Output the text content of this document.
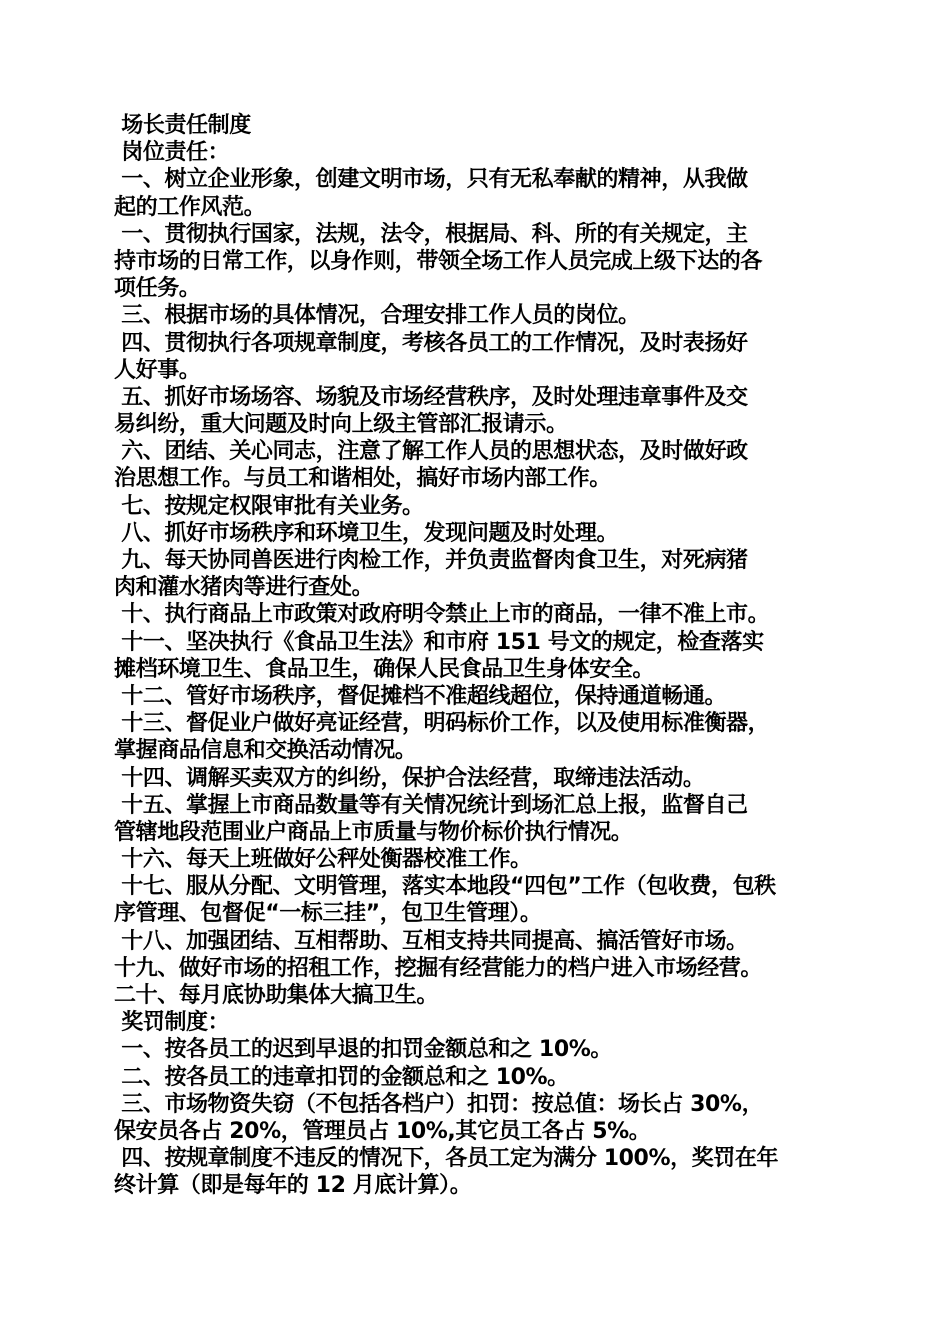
场长责任制度
岗位责任：
一、树立企业形象，创建文明市场，只有无私奉献的精神，从我做
起的工作风范。
一、贯彻执行国家，法规，法令，根据局、科、所的有关规定，主
持市场的日常工作，以身作则，带领全场工作人员完成上级下达的各
项任务。
三、根据市场的具体情况，合理安排工作人员的岗位。
四、贯彻执行各项规章制度，考核各员工的工作情况，及时表扬好
人好事。
五、抓好市场场容、场貌及市场经营秩序，及时处理违章事件及交
易纠纷，重大问题及时向上级主管部汇报请示。
六、团结、关心同志，注意了解工作人员的思想状态，及时做好政
治思想工作。与员工和谐相处，搞好市场内部工作。
七、按规定权限审批有关业务。
八、抓好市场秩序和环境卫生，发现问题及时处理。
九、每天协同兽医进行肉检工作，并负责监督肉食卫生，对死病猪
肉和灌水猪肉等进行查处。
十、执行商品上市政策对政府明令禁止上市的商品，一律不准上市。
十一、坚决执行《食品卫生法》和市府 151 号文的规定，检查落实
摊档环境卫生、食品卫生，确保人民食品卫生身体安全。
十二、管好市场秩序，督促摊档不准超线超位，保持通道畅通。
十三、督促业户做好亮证经营，明码标价工作，以及使用标准衡器，
掌握商品信息和交换活动情况。
十四、调解买卖双方的纠纷，保护合法经营，取缔违法活动。
十五、掌握上市商品数量等有关情况统计到场汇总上报，监督自己
管辖地段范围业户商品上市质量与物价标价执行情况。
十六、每天上班做好公秤处衡器校准工作。
十七、服从分配、文明管理，落实本地段“四包”工作（包收费，包秩
序管理、包督促“一标三挂”，包卫生管理）。
十八、加强团结、互相帮助、互相支持共同提高、搞活管好市场。
十九、做好市场的招租工作，挖掘有经营能力的档户进入市场经营。
二十、每月底协助集体大搞卫生。
奖罚制度：
一、按各员工的迟到早退的扣罚金额总和之 10%。
二、按各员工的违章扣罚的金额总和之 10%。
三、市场物资失窃（不包括各档户）扣罚：按总值：场长占 30%，
保安员各占 20%，管理员占 10%,其它员工各占 5%。
四、按规章制度不违反的情况下，各员工定为满分 100%，奖罚在年
终计算（即是每年的 12 月底计算）。
